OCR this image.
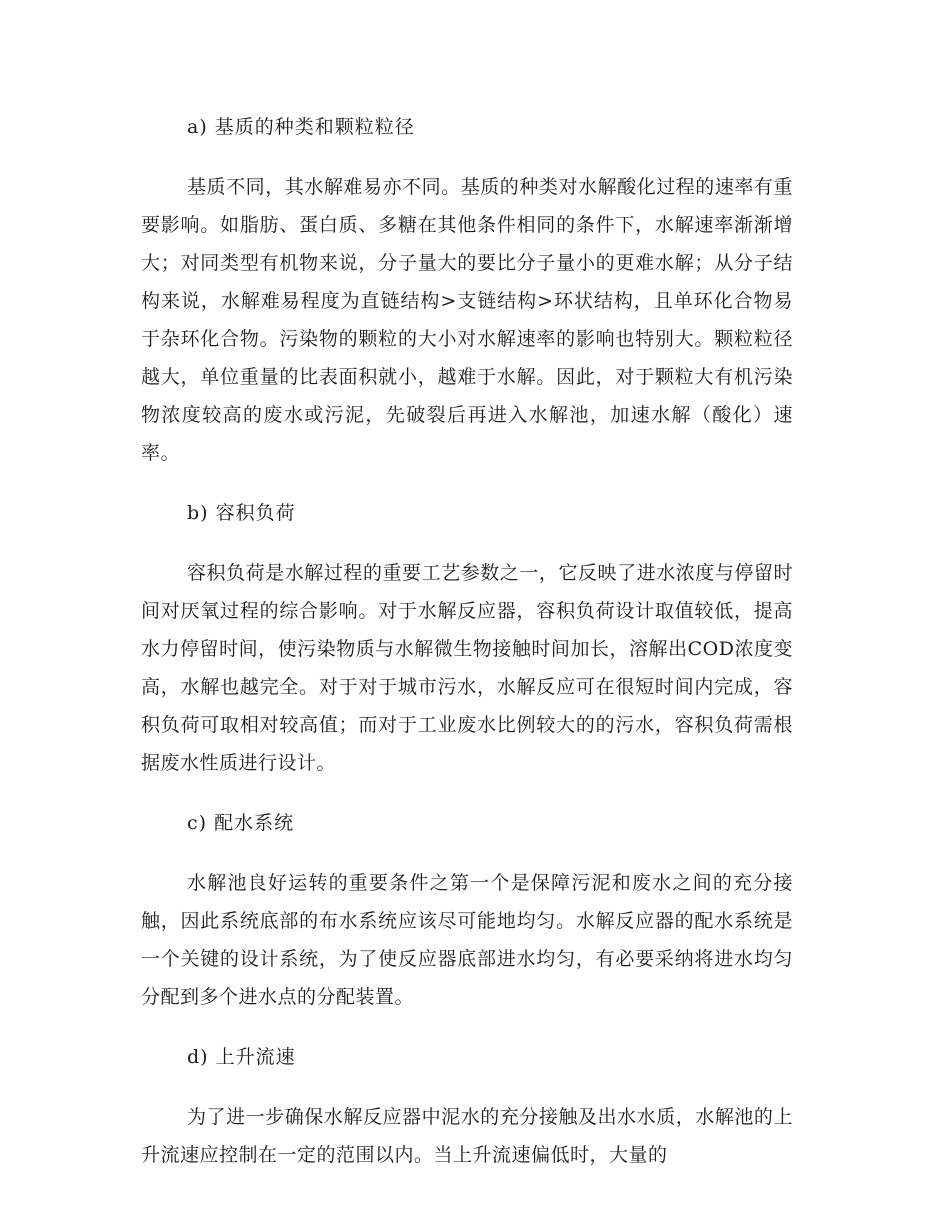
a) 基质的种类和颗粒粒径

基质不同，其水解难易亦不同。基质的种类对水解酸化过程的速率有重要影响。如脂肪、蛋白质、多糖在其他条件相同的条件下，水解速率渐渐增大；对同类型有机物来说，分子量大的要比分子量小的更难水解；从分子结构来说，水解难易程度为直链结构>支链结构>环状结构，且单环化合物易于杂环化合物。污染物的颗粒的大小对水解速率的影响也特别大。颗粒粒径越大，单位重量的比表面积就小，越难于水解。因此，对于颗粒大有机污染物浓度较高的废水或污泥，先破裂后再进入水解池，加速水解（酸化）速率。

b) 容积负荷

容积负荷是水解过程的重要工艺参数之一，它反映了进水浓度与停留时间对厌氧过程的综合影响。对于水解反应器，容积负荷设计取值较低，提高水力停留时间，使污染物质与水解微生物接触时间加长，溶解出COD浓度变高，水解也越完全。对于对于城市污水，水解反应可在很短时间内完成，容积负荷可取相对较高值；而对于工业废水比例较大的的污水，容积负荷需根据废水性质进行设计。

c) 配水系统

水解池良好运转的重要条件之第一个是保障污泥和废水之间的充分接触，因此系统底部的布水系统应该尽可能地均匀。水解反应器的配水系统是一个关键的设计系统，为了使反应器底部进水均匀，有必要采纳将进水均匀分配到多个进水点的分配装置。

d) 上升流速

为了进一步确保水解反应器中泥水的充分接触及出水水质，水解池的上升流速应控制在一定的范围以内。当上升流速偏低时，大量的
